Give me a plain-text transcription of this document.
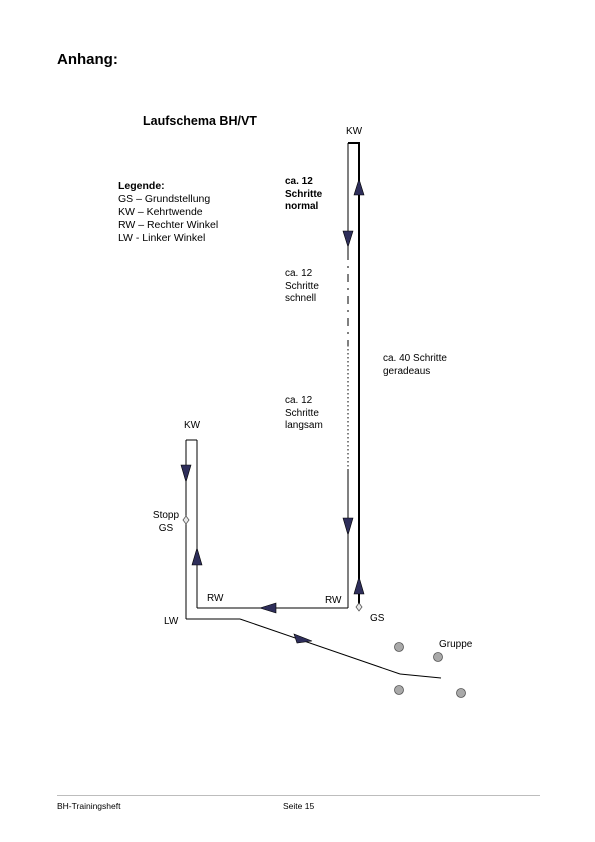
Anhang:
Laufschema BH/VT
Legende:
GS – Grundstellung
KW – Kehrtwende
RW – Rechter Winkel
LW - Linker Winkel
KW
ca. 12
Schritte
normal
ca. 12
Schritte
schnell
ca. 12
Schritte
langsam
ca. 40 Schritte
geradeaus
KW
Stopp
GS
RW	RW
GS
LW
Gruppe
BH-Trainingsheft	Seite 15
